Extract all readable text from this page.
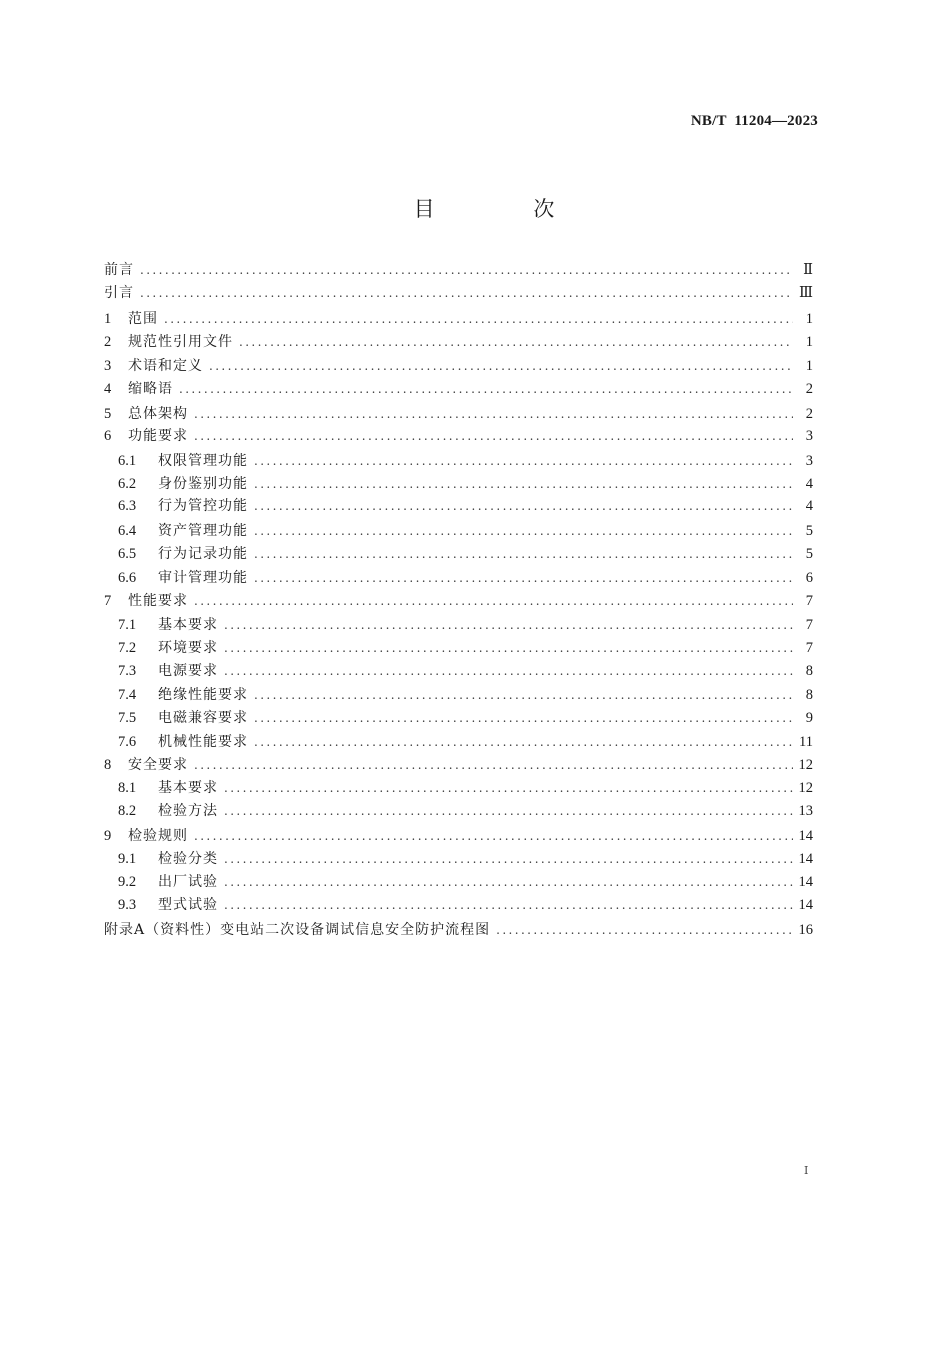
NB/T  11204—2023
目 次
前言 .....	Ⅱ
引言 .....	Ⅲ
1	范围 .....	1
2	规范性引用文件 .....	1
3	术语和定义 .....	1
4	缩略语 .....	2
5	总体架构 .....	2
6	功能要求 .....	3
6.1	权限管理功能 .....	3
6.2	身份鉴别功能 .....	4
6.3	行为管控功能 .....	4
6.4	资产管理功能 .....	5
6.5	行为记录功能 .....	5
6.6	审计管理功能 .....	6
7	性能要求 .....	7
7.1	基本要求 .....	7
7.2	环境要求 .....	7
7.3	电源要求 .....	8
7.4	绝缘性能要求 .....	8
7.5	电磁兼容要求 .....	9
7.6	机械性能要求 .....	11
8	安全要求 .....	12
8.1	基本要求 .....	12
8.2	检验方法 .....	13
9	检验规则 .....	14
9.1	检验分类 .....	14
9.2	出厂试验 .....	14
9.3	型式试验 .....	14
附录A（资料性）变电站二次设备调试信息安全防护流程图 .....	16
Ⅰ
